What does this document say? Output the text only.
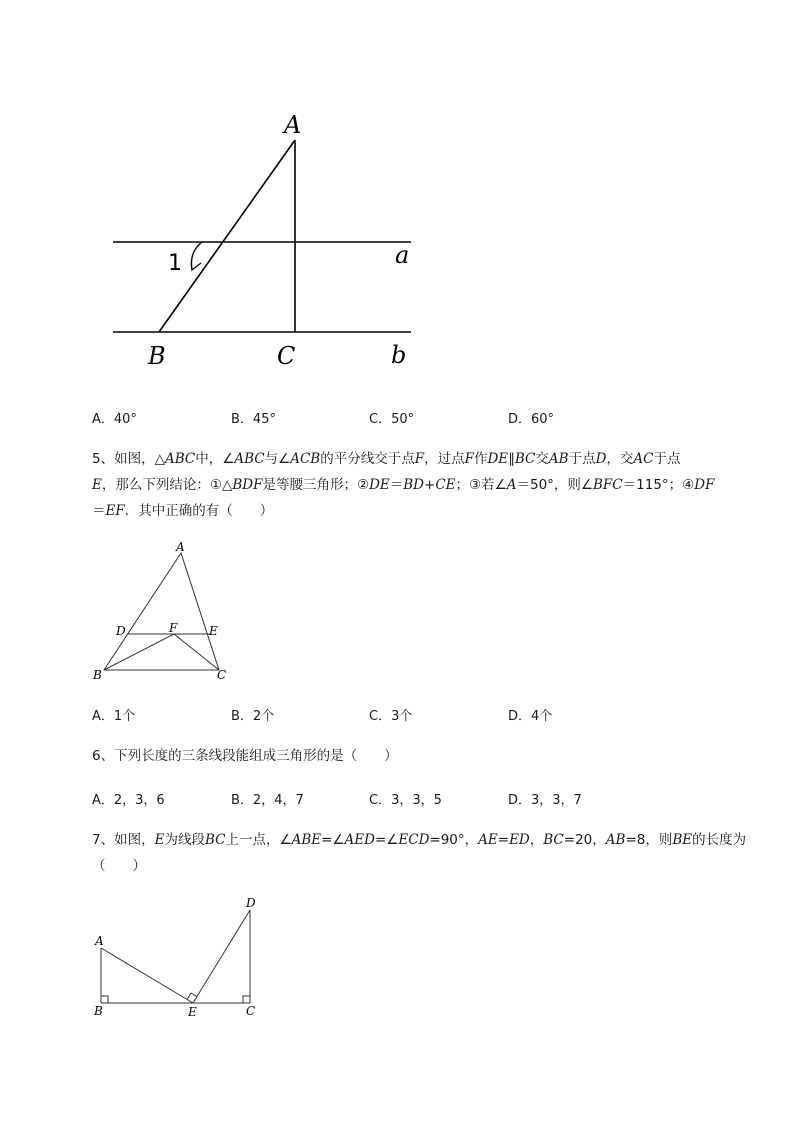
A
1	a
B	C	b
A．40°	B．45°	C．50°	D．60°

5、如图，△ABC中，∠ABC与∠ACB的平分线交于点F，过点F作DE∥BC交AB于点D，交AC于点

E，那么下列结论：①△BDF是等腰三角形；②DE＝BD+CE；③若∠A＝50°，则∠BFC＝115°；④DF

＝EF．其中正确的有（　　）

A
D	F	E
B	C
A．1个	B．2个	C．3个	D．4个

6、下列长度的三条线段能组成三角形的是（　　）

A．2，3，6	B．2，4，7	C．3，3，5	D．3，3，7

7、如图，E为线段BC上一点，∠ABE=∠AED=∠ECD=90°，AE=ED，BC=20，AB=8，则BE的长度为

（　　）

A
B	E	C
D
